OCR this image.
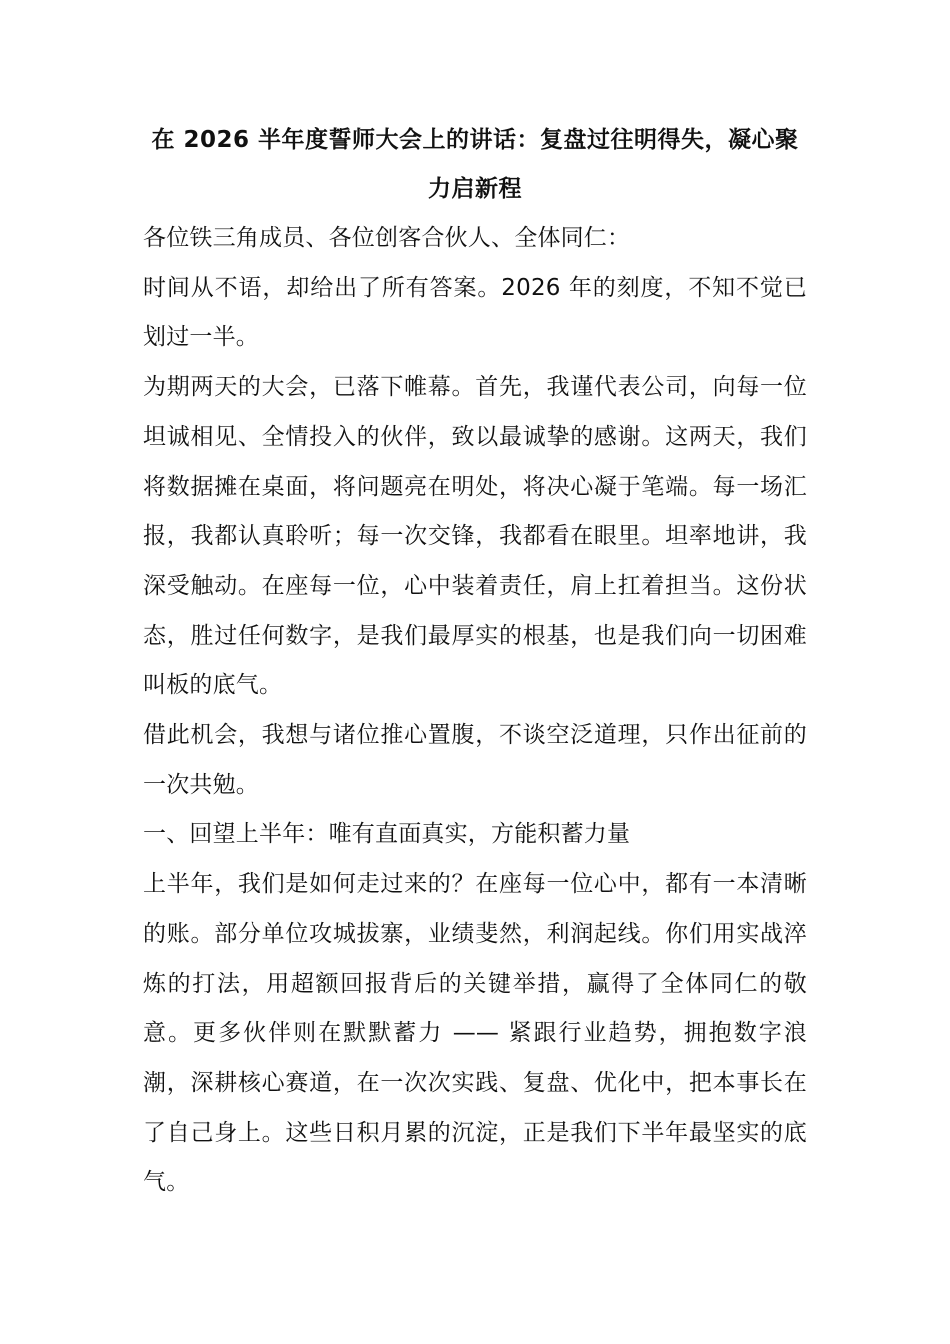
在 2026 半年度誓师大会上的讲话：复盘过往明得失，凝心聚力启新程

各位铁三角成员、各位创客合伙人、全体同仁：

时间从不语，却给出了所有答案。2026 年的刻度，不知不觉已划过一半。

为期两天的大会，已落下帷幕。首先，我谨代表公司，向每一位坦诚相见、全情投入的伙伴，致以最诚挚的感谢。这两天，我们将数据摊在桌面，将问题亮在明处，将决心凝于笔端。每一场汇报，我都认真聆听；每一次交锋，我都看在眼里。坦率地讲，我深受触动。在座每一位，心中装着责任，肩上扛着担当。这份状态，胜过任何数字，是我们最厚实的根基，也是我们向一切困难叫板的底气。

借此机会，我想与诸位推心置腹，不谈空泛道理，只作出征前的一次共勉。

一、回望上半年：唯有直面真实，方能积蓄力量

上半年，我们是如何走过来的？在座每一位心中，都有一本清晰的账。部分单位攻城拔寨，业绩斐然，利润起线。你们用实战淬炼的打法，用超额回报背后的关键举措，赢得了全体同仁的敬意。更多伙伴则在默默蓄力 —— 紧跟行业趋势，拥抱数字浪潮，深耕核心赛道，在一次次实践、复盘、优化中，把本事长在了自己身上。这些日积月累的沉淀，正是我们下半年最坚实的底气。
